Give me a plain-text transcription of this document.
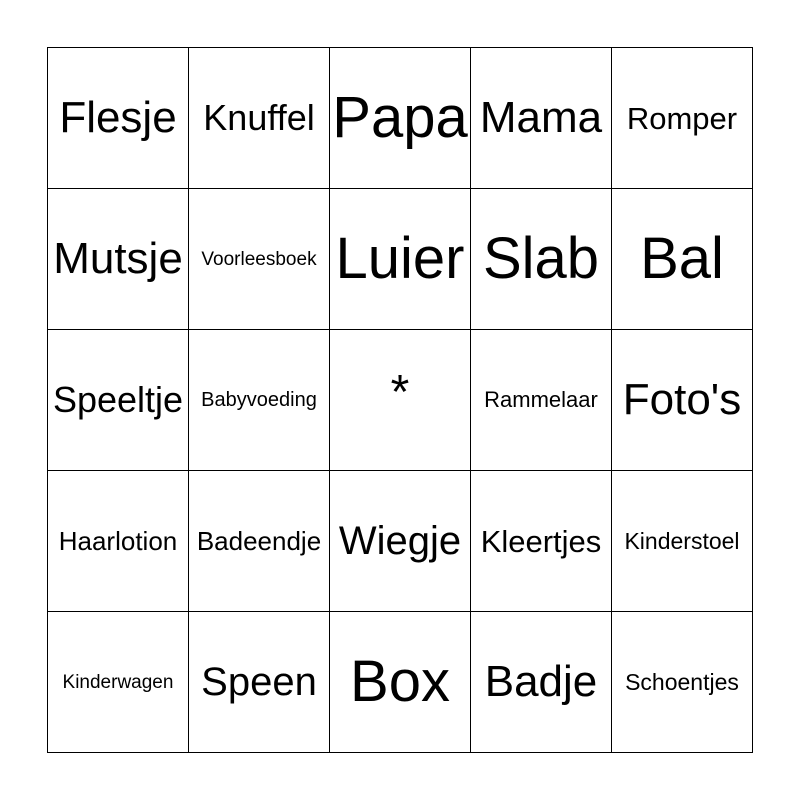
Flesje Knuffel Papa Mama Romper
Mutsje Voorleesboek Luier Slab Bal
Speeltje Babyvoeding *	Rammelaar Foto's
Haarlotion Badeendje Wiegje Kleertjes Kinderstoel
Kinderwagen Speen Box Badje Schoentjes
